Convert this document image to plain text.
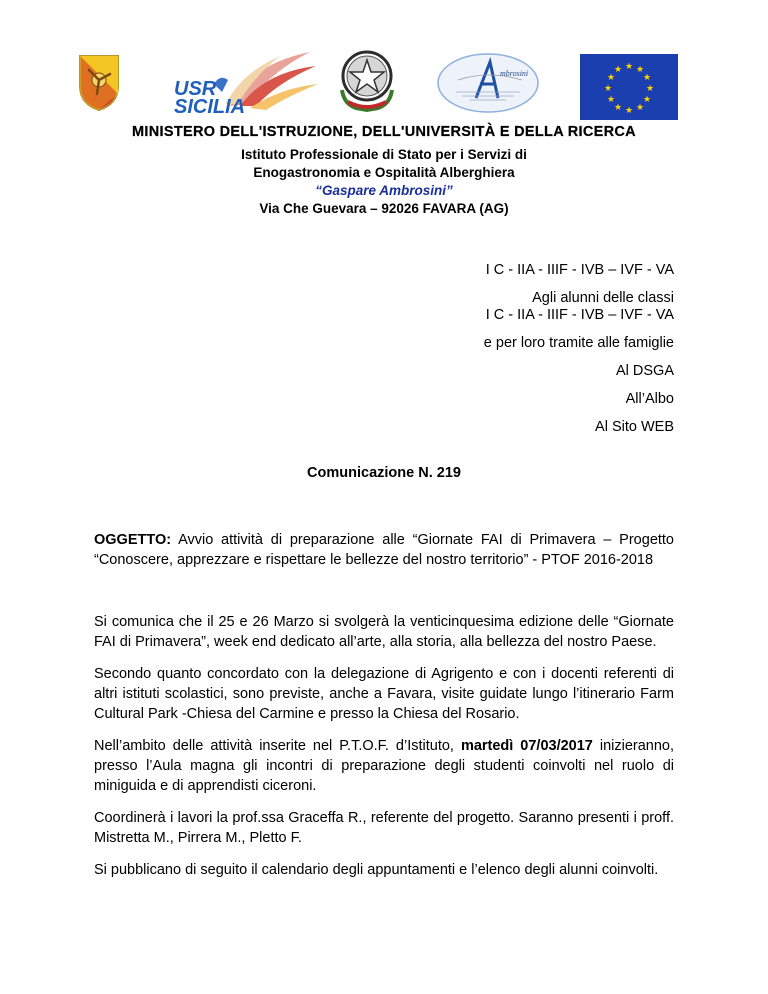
USR
SICILIA
mbrosini
★ ★
★
★
★
★
★
★
★
★
★
★
MINISTERO DELL'ISTRUZIONE, DELL'UNIVERSITÀ E DELLA RICERCA
Istituto Professionale di Stato per i Servizi di
Enogastronomia e Ospitalità Alberghiera
“Gaspare Ambrosini”
Via Che Guevara – 92026 FAVARA (AG)
I C - IIA - IIIF - IVB – IVF - VA
Agli alunni delle classi
I C - IIA - IIIF - IVB – IVF - VA
e per loro tramite alle famiglie
Al DSGA
All’Albo
Al Sito WEB
Comunicazione N. 219

OGGETTO: Avvio attività di preparazione alle “Giornate FAI di Primavera – Progetto “Conoscere, apprezzare e rispettare le bellezze del nostro territorio” - PTOF 2016-2018

Si comunica che il 25 e 26 Marzo si svolgerà la venticinquesima edizione delle “Giornate FAI di Primavera”, week end dedicato all’arte, alla storia, alla bellezza del nostro Paese.

Secondo quanto concordato con la delegazione di Agrigento e con i docenti referenti di altri istituti scolastici, sono previste, anche a Favara, visite guidate lungo l’itinerario Farm Cultural Park -Chiesa del Carmine e presso la Chiesa del Rosario.

Nell’ambito delle attività inserite nel P.T.O.F. d’Istituto, martedì 07/03/2017 inizieranno, presso l’Aula magna gli incontri di preparazione degli studenti coinvolti nel ruolo di miniguida e di apprendisti ciceroni.

Coordinerà i lavori la prof.ssa Graceffa R., referente del progetto. Saranno presenti i proff. Mistretta M., Pirrera M., Pletto F.

Si pubblicano di seguito il calendario degli appuntamenti e l’elenco degli alunni coinvolti.
